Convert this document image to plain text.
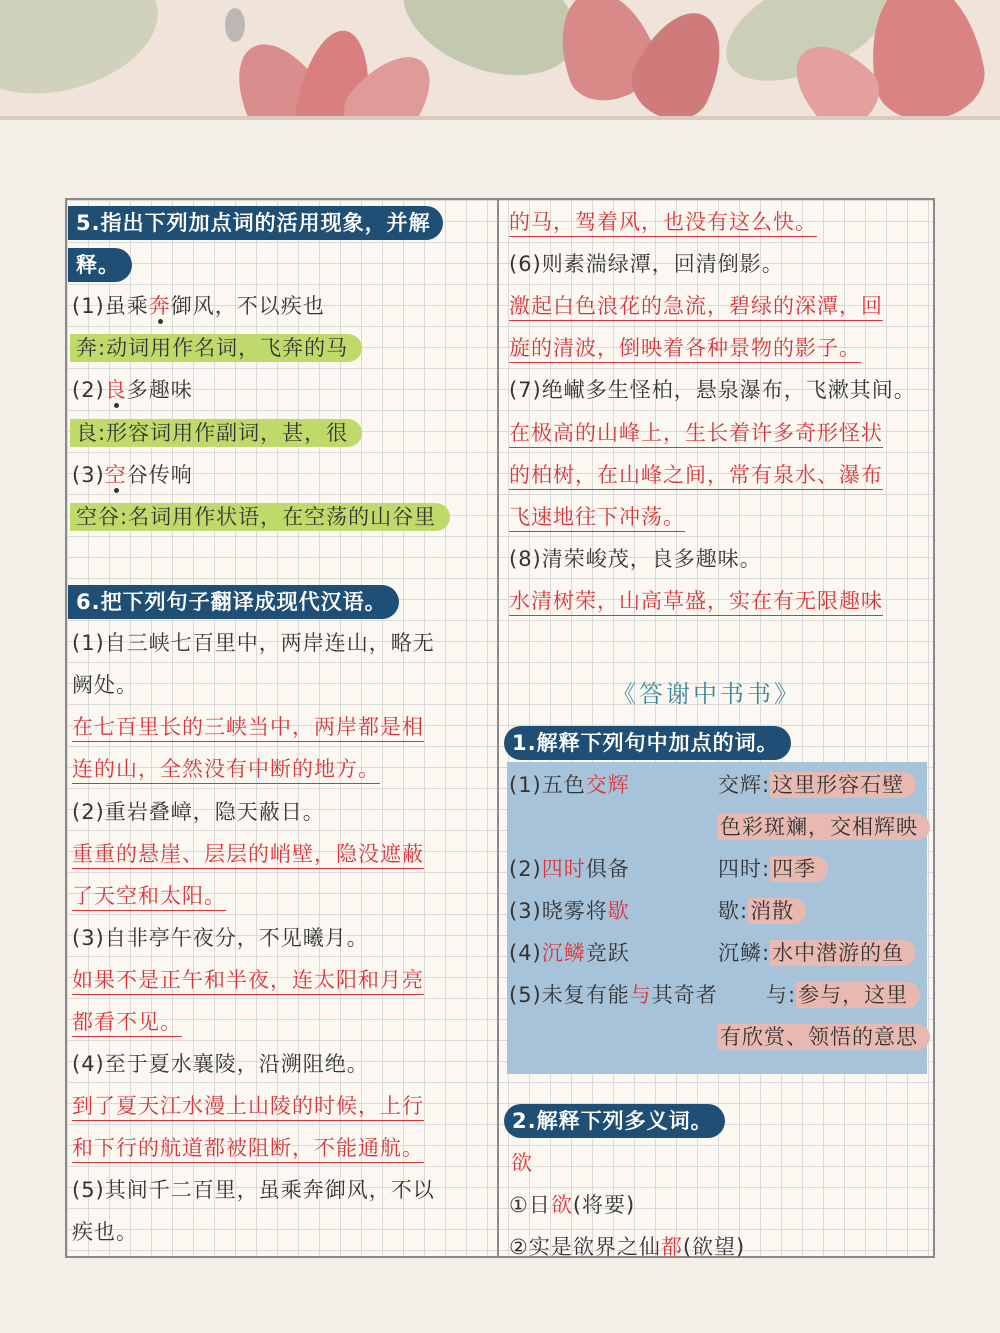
5.指出下列加点词的活用现象，并解
释。
(1)虽乘奔御风，不以疾也
奔:动词用作名词，飞奔的马
(2)良多趣味
良:形容词用作副词，甚，很
(3)空谷传响
空谷:名词用作状语，在空荡的山谷里
6.把下列句子翻译成现代汉语。
(1)自三峡七百里中，两岸连山，略无
阙处。
在七百里长的三峡当中，两岸都是相
连的山，全然没有中断的地方。
(2)重岩叠嶂，隐天蔽日。
重重的悬崖、层层的峭壁，隐没遮蔽
了天空和太阳。
(3)自非亭午夜分，不见曦月。
如果不是正午和半夜，连太阳和月亮
都看不见。
(4)至于夏水襄陵，沿溯阻绝。
到了夏天江水漫上山陵的时候，上行
和下行的航道都被阻断，不能通航。
(5)其间千二百里，虽乘奔御风，不以
疾也。
的马，驾着风，也没有这么快。
(6)则素湍绿潭，回清倒影。
激起白色浪花的急流，碧绿的深潭，回
旋的清波，倒映着各种景物的影子。
(7)绝𪩘多生怪柏，悬泉瀑布，飞漱其间。
在极高的山峰上，生长着许多奇形怪状
的柏树，在山峰之间，常有泉水、瀑布
飞速地往下冲荡。
(8)清荣峻茂，良多趣味。
水清树荣，山高草盛，实在有无限趣味
《答谢中书书》
1.解释下列句中加点的词。
(1)五色交辉	交辉:这里形容石壁
色彩斑斓，交相辉映
(2)四时俱备	四时:四季
(3)晓雾将歇	歇:消散
(4)沉鳞竞跃	沉鳞:水中潜游的鱼
(5)未复有能与其奇者 与:参与，这里
有欣赏、领悟的意思
2.解释下列多义词。
欲
①日欲(将要)
②实是欲界之仙都(欲望)
